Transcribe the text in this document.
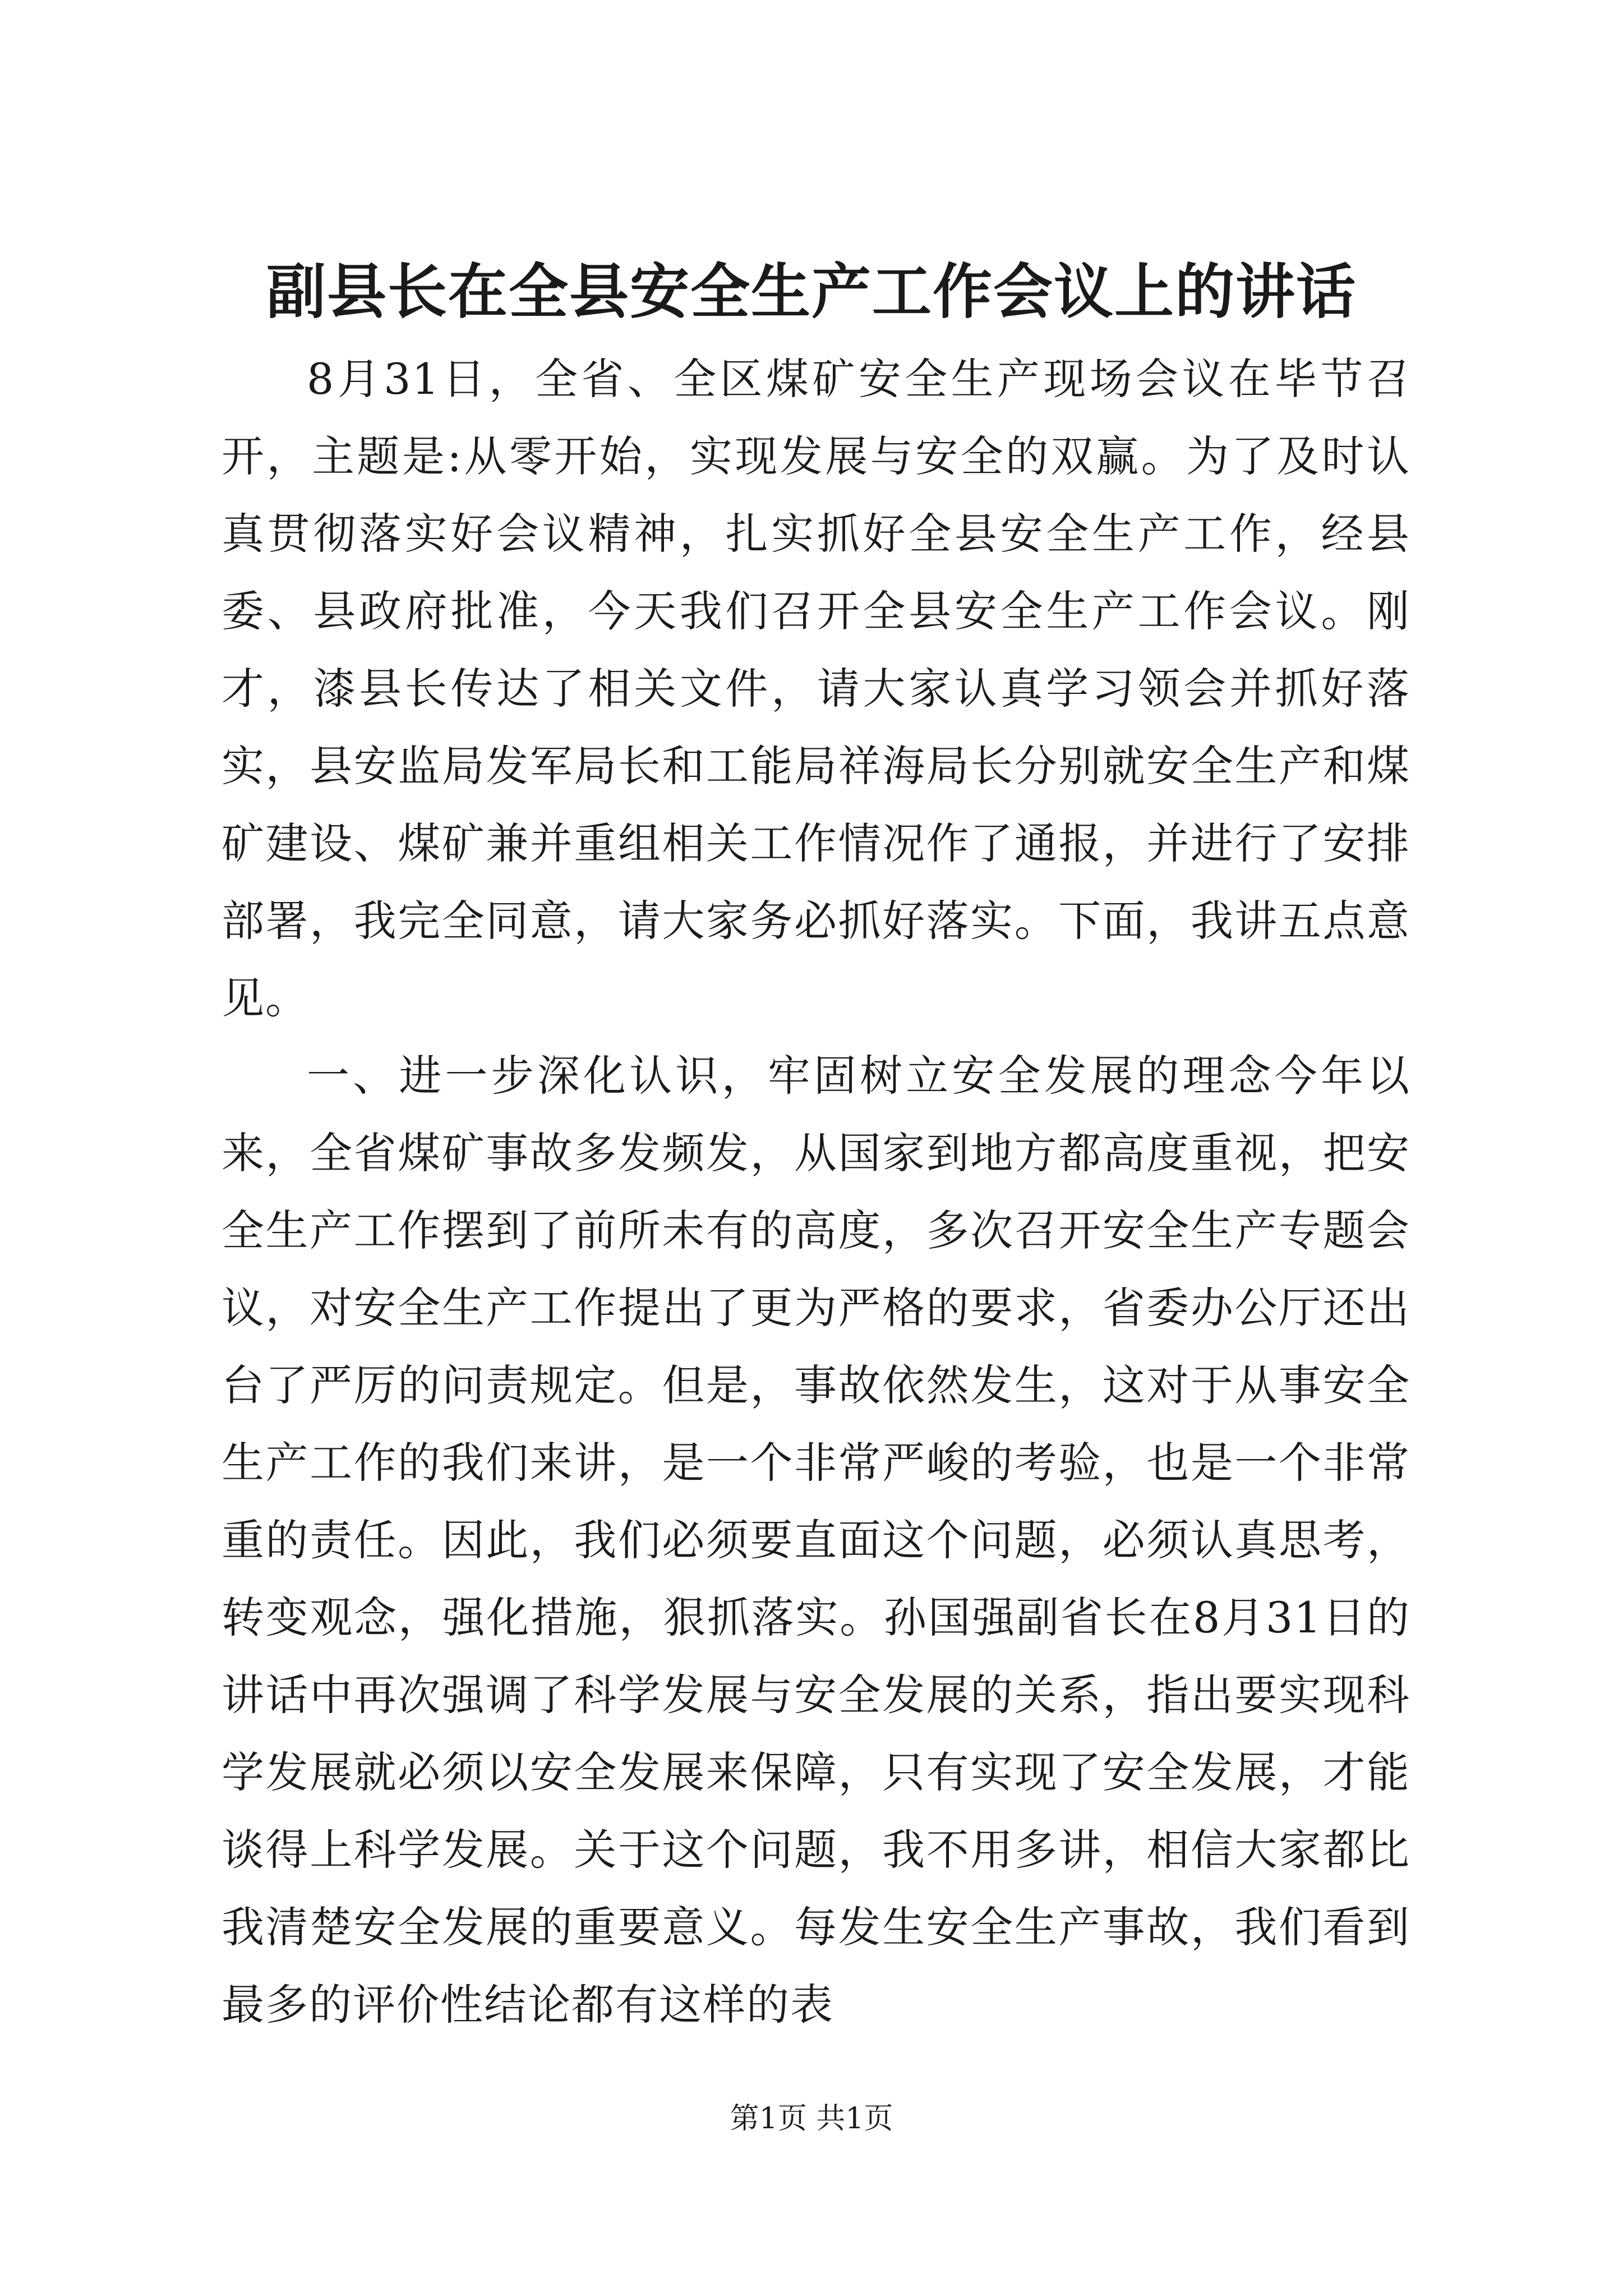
副县长在全县安全生产工作会议上的讲话

8月31日，全省、全区煤矿安全生产现场会议在毕节召开，主题是:从零开始，实现发展与安全的双赢。为了及时认真贯彻落实好会议精神，扎实抓好全县安全生产工作，经县委、县政府批准，今天我们召开全县安全生产工作会议。刚才，漆县长传达了相关文件，请大家认真学习领会并抓好落实，县安监局发军局长和工能局祥海局长分别就安全生产和煤矿建设、煤矿兼并重组相关工作情况作了通报，并进行了安排部署，我完全同意，请大家务必抓好落实。下面，我讲五点意见。

一、进一步深化认识，牢固树立安全发展的理念今年以来，全省煤矿事故多发频发，从国家到地方都高度重视，把安全生产工作摆到了前所未有的高度，多次召开安全生产专题会议，对安全生产工作提出了更为严格的要求，省委办公厅还出台了严厉的问责规定。但是，事故依然发生，这对于从事安全生产工作的我们来讲，是一个非常严峻的考验，也是一个非常重的责任。因此，我们必须要直面这个问题，必须认真思考，转变观念，强化措施，狠抓落实。孙国强副省长在8月31日的讲话中再次强调了科学发展与安全发展的关系，指出要实现科学发展就必须以安全发展来保障，只有实现了安全发展，才能谈得上科学发展。关于这个问题，我不用多讲，相信大家都比我清楚安全发展的重要意义。每发生安全生产事故，我们看到最多的评价性结论都有这样的表

第1页 共1页
